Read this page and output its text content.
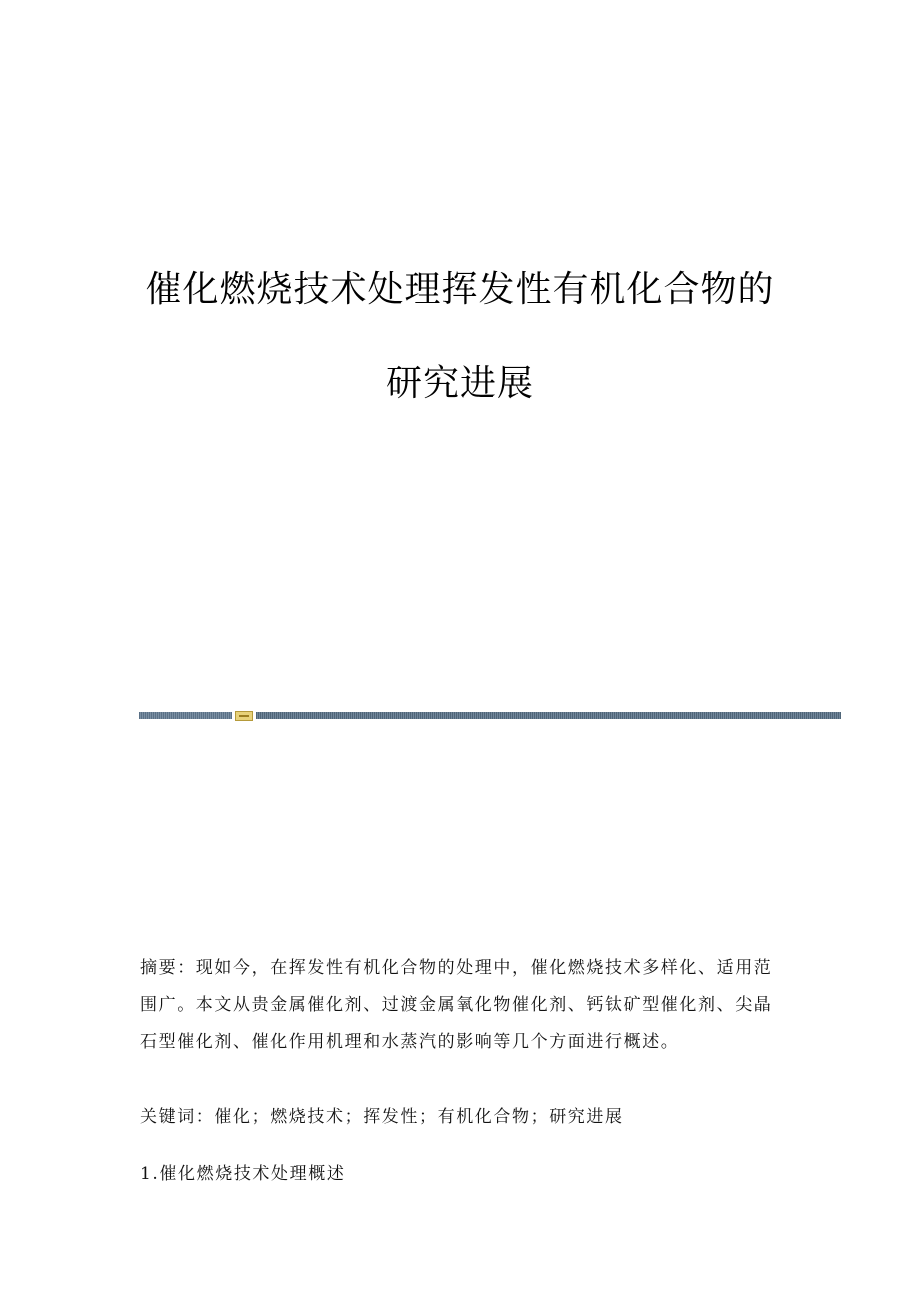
催化燃烧技术处理挥发性有机化合物的
研究进展
摘要：现如今，在挥发性有机化合物的处理中，催化燃烧技术多样化、适用范围广。本文从贵金属催化剂、过渡金属氧化物催化剂、钙钛矿型催化剂、尖晶石型催化剂、催化作用机理和水蒸汽的影响等几个方面进行概述。
关键词：催化；燃烧技术；挥发性；有机化合物；研究进展
1.催化燃烧技术处理概述
